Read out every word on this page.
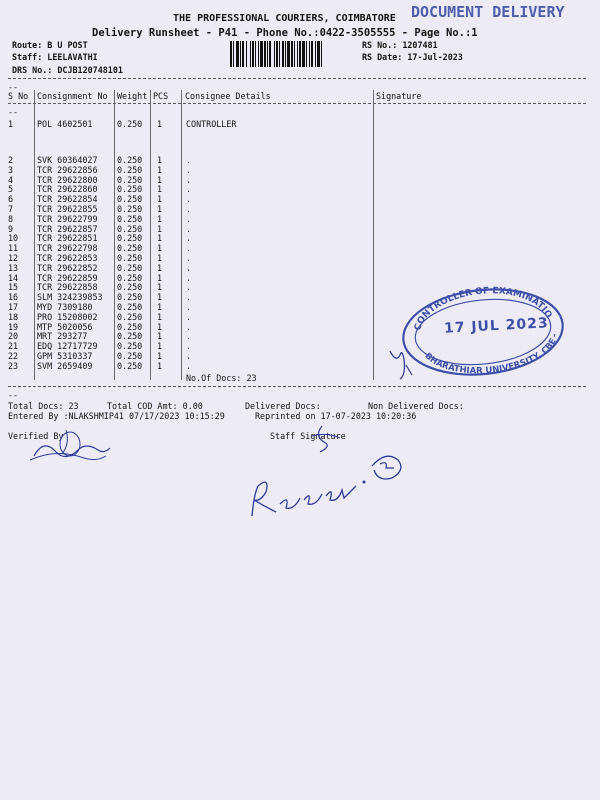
THE PROFESSIONAL COURIERS, COIMBATORE DOCUMENT DELIVERY
Delivery Runsheet - P41 - Phone No.:0422-3505555 - Page No.:1
Route: B U POST
Staff: LEELAVATHI
DRS No.: DCJB120748101
RS No.: 1207481
RS Date: 17-Jul-2023
--
S No Consignment No Weight PCS Consignee Details	Signature
--
1	POL 4602501	0.250 1	CONTROLLER
2	SVK 60364027 0.250 1	.
3	TCR 29622856 0.250 1	.
4	TCR 29622800 0.250 1	.
5	TCR 29622860 0.250 1	.
6	TCR 29622854 0.250 1	.
7	TCR 29622855 0.250 1	.
8	TCR 29622799 0.250 1	.
9	TCR 29622857 0.250 1	.
10 TCR 29622851 0.250 1	.
11 TCR 29622798 0.250 1	.
12 TCR 29622853 0.250 1	.
13 TCR 29622852 0.250 1	.
14 TCR 29622859 0.250 1	.
15 TCR 29622858 0.250 1	.
16 SLM 324239853 0.250 1	.
17 MYD 7309180	0.250 1	.
18 PRO 15208002 0.250 1	.
19 MTP 5020056	0.250 1	.
20 MRT 293277	0.250 1	.
21 EDQ 12717729 0.250 1	.
22 GPM 5310337	0.250 1	.
23 SVM 2659409	0.250 1	.
No.Of Docs: 23
--
Total Docs: 23	Total COD Amt: 0.00	Delivered Docs:	Non Delivered Docs:
Entered By :NLAKSHMIP41 07/17/2023 10:15:29	Reprinted on 17-07-2023 10:20:36
Verified By	Staff Signature
CONTROLLER OF EXAMINATIONS
BHARATHIAR UNIVERSITY, CBE -
17 JUL 2023
